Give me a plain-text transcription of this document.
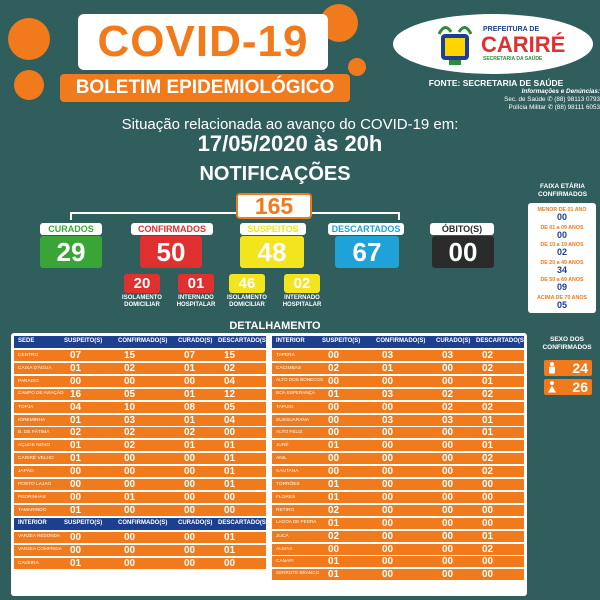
COVID-19
BOLETIM EPIDEMIOLÓGICO
PREFEITURA DE
CARIRÉ
SECRETARIA DA SAÚDE
FONTE: SECRETARIA DE SAÚDE
Informações e Denúncias:
Sec. de Saúde ✆ (88) 98113 0793
Polícia Militar ✆ (88) 98111 6053
Situação relacionada ao avanço do COVID-19 em:
17/05/2020 às 20h
NOTIFICAÇÕES
165
CURADOS
29
CONFIRMADOS
50
SUSPEITOS
48
DESCARTADOS
67
ÓBITO(S)
00
20
ISOLAMENTO DOMICILIAR
01
INTERNADO HOSPITALAR
46
ISOLAMENTO DOMICILIAR
02
INTERNADO HOSPITALAR
FAIXA ETÁRIA CONFIRMADOS
MENOR DE 01 ANO
00
DE 01 a 09 ANOS
00
DE 10 a 19 ANOS
02
DE 20 a 49 ANOS
34
DE 50 a 69 ANOS
09
ACIMA DE 70 ANOS
05
SEXO DOS CONFIRMADOS
24
26
DETALHAMENTO
SEDE	SUSPEITO(S)	CONFIRMADO(S) CURADO(S) DESCARTADO(S)
CENTRO	07	15	07	15
CAIXA D'ÁGUA	01	02	01	02
PARAISO	00	00	00	04
CAMPO DE AVIAÇÃO 16	05	01	12
TOPJA	04	10	08	05
IOREMINHA	01	03	01	04
B. DE FÁTIMA	02	02	02	00
AÇUDE NOVO	01	02	01	01
CARIRÉ VELHO	01	00	00	01
JAPÃO	00	00	00	01
POSTO LAJAO	00	00	00	01
PEDRINHAS	00	01	00	00
TAMARINDO	01	00	00	00
INTERIOR	SUSPEITO(S)	CONFIRMADO(S) CURADO(S) DESCARTADO(S)
VARZEA REDONDA 00	00	00	01
VARZEA COMPRIDA 00	00	00	01
CAVEIRA	01	00	00	00
INTERIOR	SUSPEITO(S)	CONFIRMADO(S) CURADO(S) DESCARTADO(S)
TAPERA	00	03	03	02
CACIMBAS	02	01	00	02
ALTO DOS BONECOS 00	00	00	01
BOA ESPERANÇA	01	03	02	02
TAPUIO	00	00	02	02
SUSSUARANA	00	03	03	01
ALTO FELIZ	00	00	00	01
JURÉ	01	00	00	01
ANIL	00	00	00	02
SANTANA	00	00	00	02
TORRÕES	01	00	00	00
FLORES	01	00	00	00
RETIRO	02	00	00	00
LAGOA DE PEDRA	01	00	00	00
JUCÁ	02	00	00	01
ALMAS	00	00	00	02
CANAFI	01	00	00	00
SERROTE BRANCO 01	00	00	00
